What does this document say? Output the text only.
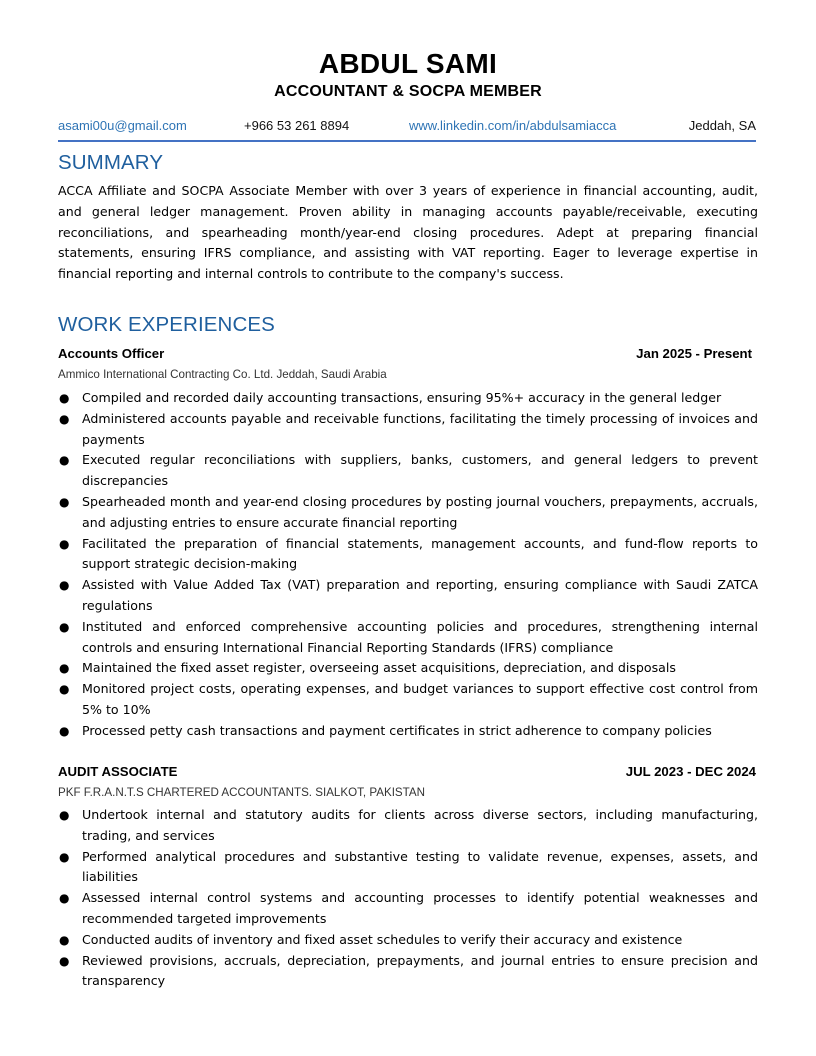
ABDUL SAMI
ACCOUNTANT & SOCPA MEMBER
asami00u@gmail.com	+966 53 261 8894	www.linkedin.com/in/abdulsamiacca	Jeddah, SA
SUMMARY
ACCA Affiliate and SOCPA Associate Member with over 3 years of experience in financial accounting, audit, and general ledger management. Proven ability in managing accounts payable/receivable, executing reconciliations, and spearheading month/year-end closing procedures. Adept at preparing financial statements, ensuring IFRS compliance, and assisting with VAT reporting. Eager to leverage expertise in financial reporting and internal controls to contribute to the company's success.
WORK EXPERIENCES
Accounts Officer	Jan 2025 - Present
Ammico International Contracting Co. Ltd. Jeddah, Saudi Arabia
● Compiled and recorded daily accounting transactions, ensuring 95%+ accuracy in the general ledger
● Administered accounts payable and receivable functions, facilitating the timely processing of invoices and payments
● Executed regular reconciliations with suppliers, banks, customers, and general ledgers to prevent discrepancies
● Spearheaded month and year-end closing procedures by posting journal vouchers, prepayments, accruals, and adjusting entries to ensure accurate financial reporting
● Facilitated the preparation of financial statements, management accounts, and fund-flow reports to support strategic decision-making
● Assisted with Value Added Tax (VAT) preparation and reporting, ensuring compliance with Saudi ZATCA regulations
● Instituted and enforced comprehensive accounting policies and procedures, strengthening internal controls and ensuring International Financial Reporting Standards (IFRS) compliance
● Maintained the fixed asset register, overseeing asset acquisitions, depreciation, and disposals
● Monitored project costs, operating expenses, and budget variances to support effective cost control from 5% to 10%
● Processed petty cash transactions and payment certificates in strict adherence to company policies
AUDIT ASSOCIATE	JUL 2023 - DEC 2024
PKF F.R.A.N.T.S CHARTERED ACCOUNTANTS. SIALKOT, PAKISTAN
● Undertook internal and statutory audits for clients across diverse sectors, including manufacturing, trading, and services
● Performed analytical procedures and substantive testing to validate revenue, expenses, assets, and liabilities
● Assessed internal control systems and accounting processes to identify potential weaknesses and recommended targeted improvements
● Conducted audits of inventory and fixed asset schedules to verify their accuracy and existence
● Reviewed provisions, accruals, depreciation, prepayments, and journal entries to ensure precision and transparency
